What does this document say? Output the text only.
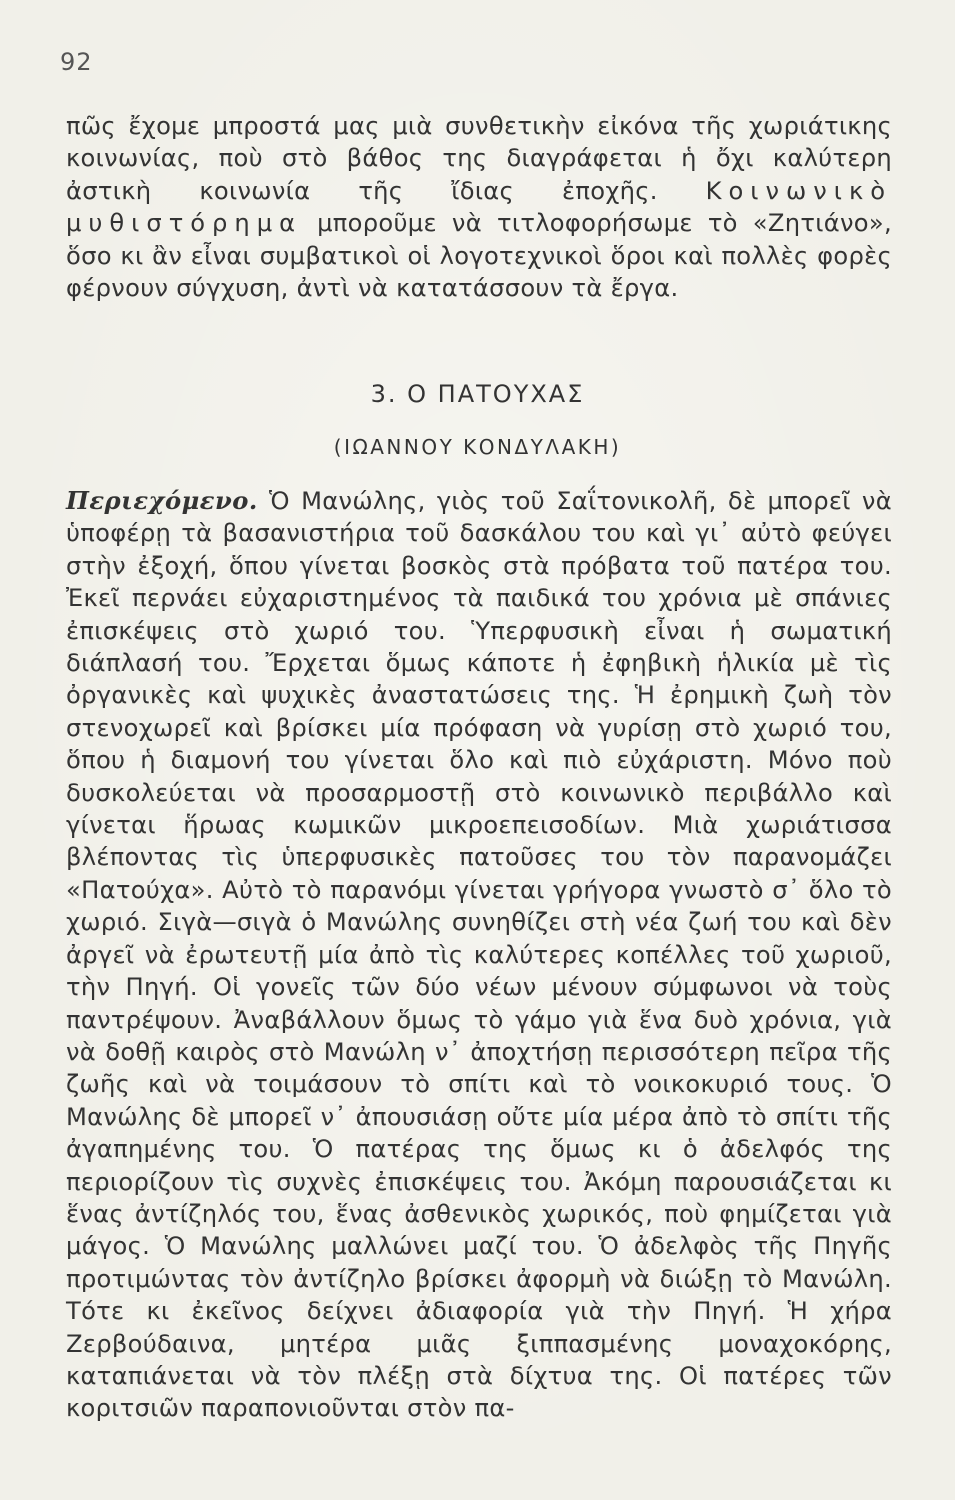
92
πῶς ἔχομε μπροστά μας μιὰ συνθετικὴν εἰκόνα τῆς χωριάτικης κοινωνίας, ποὺ στὸ βάθος της διαγράφεται ἡ ὄχι καλύτερη ἀστικὴ κοινωνία τῆς ἴδιας ἐποχῆς. Κοινωνικὸ μυθιστόρημα μποροῦμε νὰ τιτλοφορήσωμε τὸ «Ζητιάνο», ὅσο κι ἂν εἶναι συμβατικοὶ οἱ λογοτεχνικοὶ ὅροι καὶ πολλὲς φορὲς φέρνουν σύγχυση, ἀντὶ νὰ κατατάσσουν τὰ ἔργα.
3. Ο ΠΑΤΟΥΧΑΣ
(ΙΩΑΝΝΟΥ ΚΟΝΔΥΛΑΚΗ)

Περιεχόμενο. Ὁ Μανώλης, γιὸς τοῦ Σαΐτονικολῆ, δὲ μπορεῖ νὰ ὑποφέρῃ τὰ βασανιστήρια τοῦ δασκάλου του καὶ γι᾿ αὐτὸ φεύγει στὴν ἐξοχή, ὅπου γίνεται βοσκὸς στὰ πρόβατα τοῦ πατέρα του. Ἐκεῖ περνάει εὐχαριστημένος τὰ παιδικά του χρόνια μὲ σπάνιες ἐπισκέψεις στὸ χωριό του. Ὑπερφυσικὴ εἶναι ἡ σωματική διάπλασή του. Ἔρχεται ὅμως κάποτε ἡ ἐφηβικὴ ἡλικία μὲ τὶς ὀργανικὲς καὶ ψυχικὲς ἀναστατώσεις της. Ἡ ἐρημικὴ ζωὴ τὸν στενοχωρεῖ καὶ βρίσκει μία πρόφαση νὰ γυρίσῃ στὸ χωριό του, ὅπου ἡ διαμονή του γίνεται ὅλο καὶ πιὸ εὐχάριστη. Μόνο ποὺ δυσκολεύεται νὰ προσαρμοστῇ στὸ κοινωνικὸ περιβάλλο καὶ γίνεται ἥρωας κωμικῶν μικροεπεισοδίων. Μιὰ χωριάτισσα βλέποντας τὶς ὑπερφυσικὲς πατοῦσες του τὸν παρανομάζει «Πατούχα». Αὐτὸ τὸ παρανόμι γίνεται γρήγορα γνωστὸ σ᾿ ὅλο τὸ χωριό. Σιγὰ—σιγὰ ὁ Μανώλης συνηθίζει στὴ νέα ζωή του καὶ δὲν ἀργεῖ νὰ ἐρωτευτῇ μία ἀπὸ τὶς καλύτερες κοπέλλες τοῦ χωριοῦ, τὴν Πηγή. Οἱ γονεῖς τῶν δύο νέων μένουν σύμφωνοι νὰ τοὺς παντρέψουν. Ἀναβάλλουν ὅμως τὸ γάμο γιὰ ἕνα δυὸ χρόνια, γιὰ νὰ δοθῇ καιρὸς στὸ Μανώλη ν᾿ ἀποχτήσῃ περισσότερη πεῖρα τῆς ζωῆς καὶ νὰ τοιμάσουν τὸ σπίτι καὶ τὸ νοικοκυριό τους. Ὁ Μανώλης δὲ μπορεῖ ν᾿ ἀπουσιάσῃ οὔτε μία μέρα ἀπὸ τὸ σπίτι τῆς ἀγαπημένης του. Ὁ πατέρας της ὅμως κι ὁ ἀδελφός της περιορίζουν τὶς συχνὲς ἐπισκέψεις του. Ἀκόμη παρουσιάζεται κι ἕνας ἀντίζηλός του, ἕνας ἀσθενικὸς χωρικός, ποὺ φημίζεται γιὰ μάγος. Ὁ Μανώλης μαλλώνει μαζί του. Ὁ ἀδελφὸς τῆς Πηγῆς προτιμώντας τὸν ἀντίζηλο βρίσκει ἀφορμὴ νὰ διώξῃ τὸ Μανώλη. Τότε κι ἐκεῖνος δείχνει ἀδιαφορία γιὰ τὴν Πηγή. Ἡ χήρα Ζερβούδαινα, μητέρα μιᾶς ξιππασμένης μοναχοκόρης, καταπιάνεται νὰ τὸν πλέξῃ στὰ δίχτυα της. Οἱ πατέρες τῶν κοριτσιῶν παραπονιοῦνται στὸν πα-
